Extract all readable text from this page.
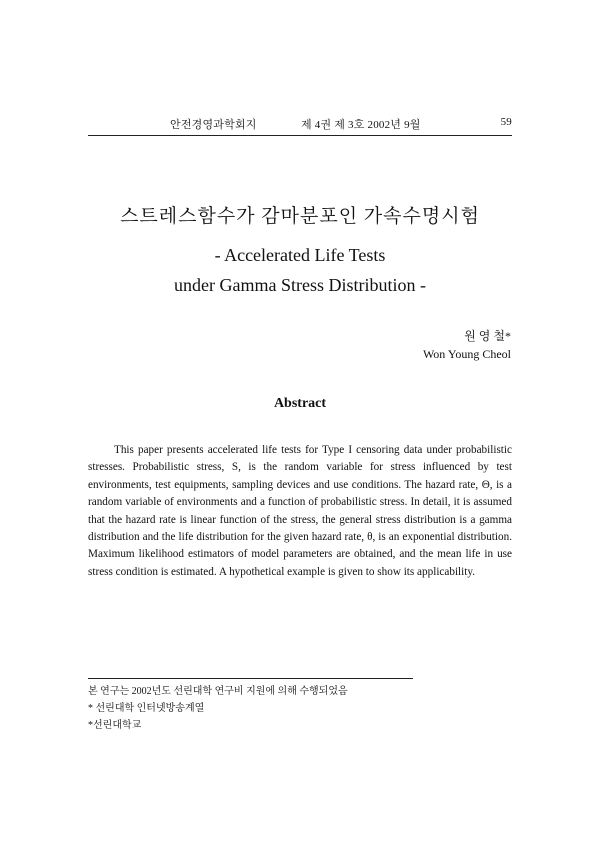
안전경영과학회지	제 4권 제 3호 2002년 9월	59
스트레스함수가 감마분포인 가속수명시험
- Accelerated Life Tests
under Gamma Stress Distribution -
원 영 철*
Won Young Cheol
Abstract
This paper presents accelerated life tests for Type I censoring data under probabilistic stresses. Probabilistic stress, S, is the random variable for stress influenced by test environments, test equipments, sampling devices and use conditions. The hazard rate, Θ, is a random variable of environments and a function of probabilistic stress. In detail, it is assumed that the hazard rate is linear function of the stress, the general stress distribution is a gamma distribution and the life distribution for the given hazard rate, θ, is an exponential distribution. Maximum likelihood estimators of model parameters are obtained, and the mean life in use stress condition is estimated. A hypothetical example is given to show its applicability.
본 연구는 2002년도 선린대학 연구비 지원에 의해 수행되었음
* 선린대학 인터넷방송계열
*선린대학교
